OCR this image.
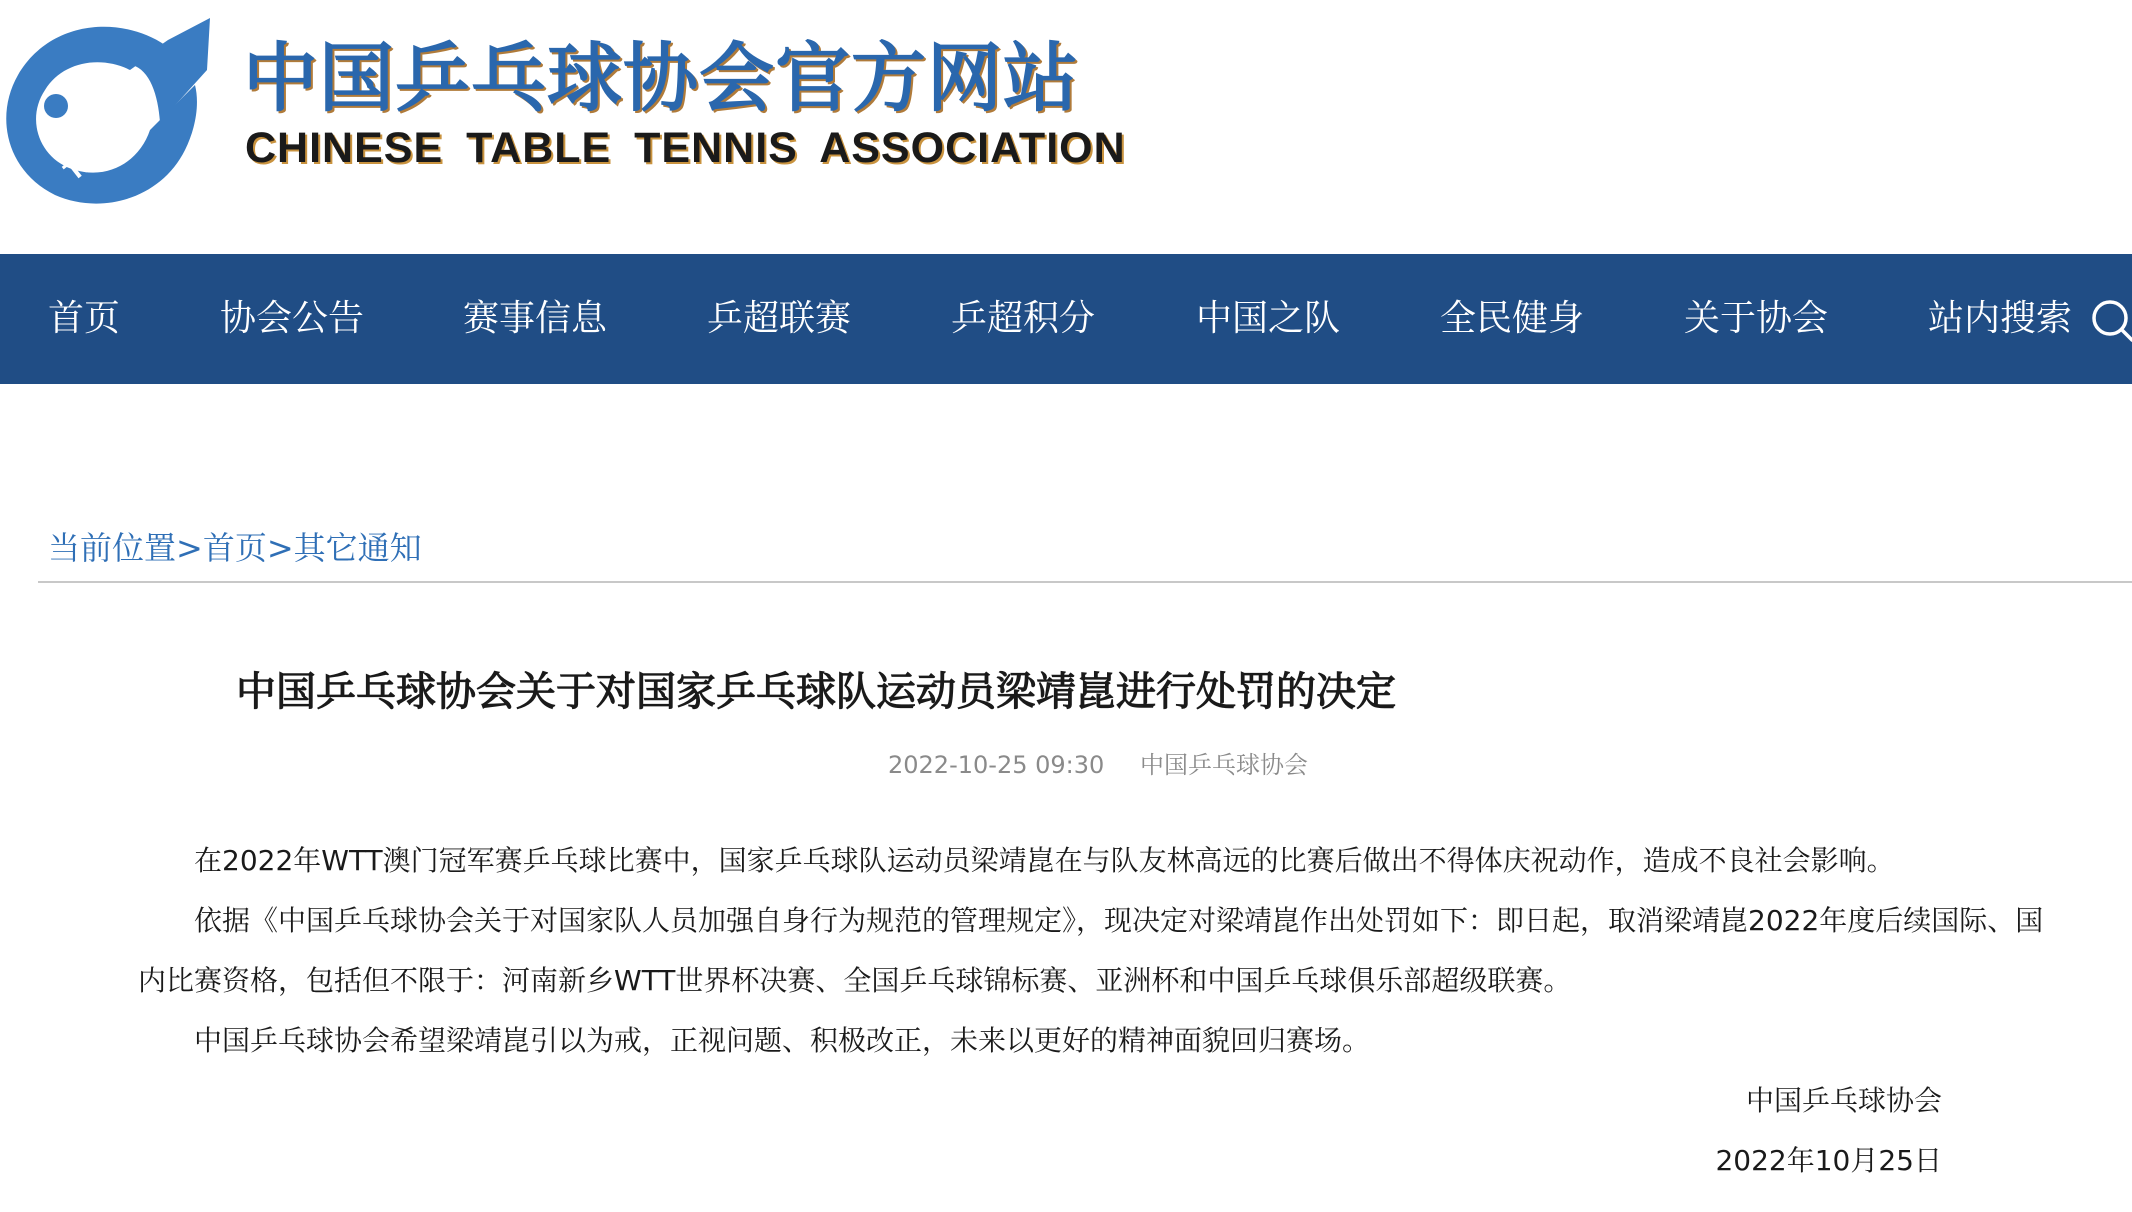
T.T.A.
中国乒乓球协会官方网站
CHINESE TABLE TENNIS ASSOCIATION
首页	协会公告	赛事信息	乒超联赛	乒超积分	中国之队	全民健身	关于协会	站内搜索
当前位置>首页>其它通知
中国乒乓球协会关于对国家乒乓球队运动员梁靖崑进行处罚的决定
2022-10-25 09:30 中国乒乓球协会

在2022年WTT澳门冠军赛乒乓球比赛中，国家乒乓球队运动员梁靖崑在与队友林高远的比赛后做出不得体庆祝动作，造成不良社会影响。

依据《中国乒乓球协会关于对国家队人员加强自身行为规范的管理规定》，现决定对梁靖崑作出处罚如下：即日起，取消梁靖崑2022年度后续国际、国内比赛资格，包括但不限于：河南新乡WTT世界杯决赛、全国乒乓球锦标赛、亚洲杯和中国乒乓球俱乐部超级联赛。

中国乒乓球协会希望梁靖崑引以为戒，正视问题、积极改正，未来以更好的精神面貌回归赛场。

中国乒乓球协会
2022年10月25日
